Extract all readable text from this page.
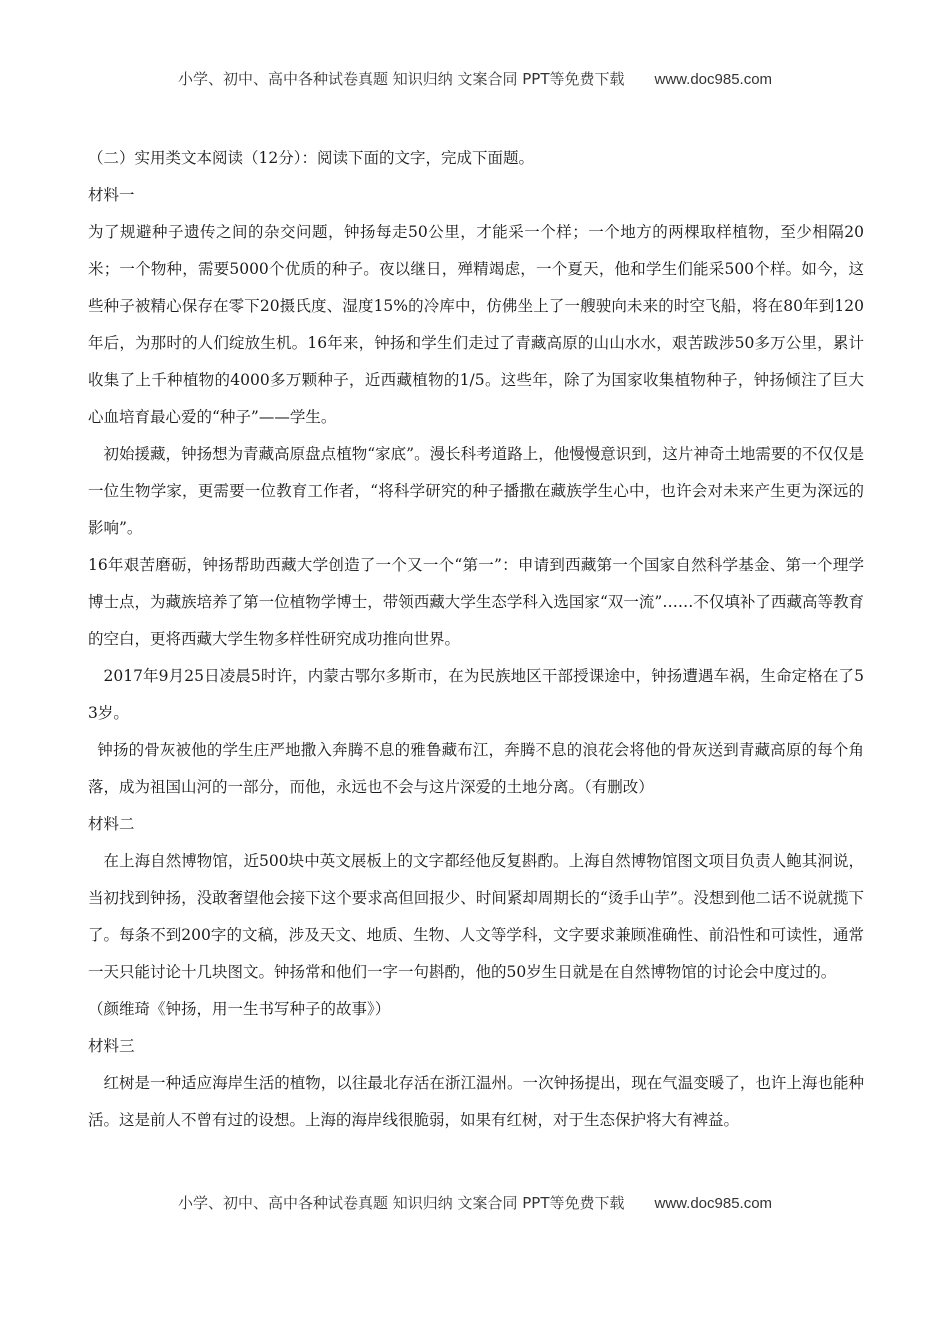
小学、初中、高中各种试卷真题 知识归纳 文案合同 PPT等免费下载 www.doc985.com

（二）实用类文本阅读（12分）：阅读下面的文字，完成下面题。

材料一

为了规避种子遗传之间的杂交问题，钟扬每走50公里，才能采一个样；一个地方的两棵取样植物，至少相隔20米；一个物种，需要5000个优质的种子。夜以继日，殚精竭虑，一个夏天，他和学生们能采500个样。如今，这些种子被精心保存在零下20摄氏度、湿度15%的冷库中，仿佛坐上了一艘驶向未来的时空飞船，将在80年到120年后，为那时的人们绽放生机。16年来，钟扬和学生们走过了青藏高原的山山水水，艰苦跋涉50多万公里，累计收集了上千种植物的4000多万颗种子，近西藏植物的1/5。这些年，除了为国家收集植物种子，钟扬倾注了巨大心血培育最心爱的“种子”——学生。

初始援藏，钟扬想为青藏高原盘点植物“家底”。漫长科考道路上，他慢慢意识到，这片神奇土地需要的不仅仅是一位生物学家，更需要一位教育工作者，“将科学研究的种子播撒在藏族学生心中，也许会对未来产生更为深远的影响”。

16年艰苦磨砺，钟扬帮助西藏大学创造了一个又一个“第一”：申请到西藏第一个国家自然科学基金、第一个理学博士点，为藏族培养了第一位植物学博士，带领西藏大学生态学科入选国家“双一流”……不仅填补了西藏高等教育的空白，更将西藏大学生物多样性研究成功推向世界。

2017年9月25日凌晨5时许，内蒙古鄂尔多斯市，在为民族地区干部授课途中，钟扬遭遇车祸，生命定格在了53岁。

钟扬的骨灰被他的学生庄严地撒入奔腾不息的雅鲁藏布江，奔腾不息的浪花会将他的骨灰送到青藏高原的每个角落，成为祖国山河的一部分，而他，永远也不会与这片深爱的土地分离。（有删改）

材料二

在上海自然博物馆，近500块中英文展板上的文字都经他反复斟酌。上海自然博物馆图文项目负责人鲍其泂说，当初找到钟扬，没敢奢望他会接下这个要求高但回报少、时间紧却周期长的“烫手山芋”。没想到他二话不说就揽下了。每条不到200字的文稿，涉及天文、地质、生物、人文等学科，文字要求兼顾准确性、前沿性和可读性，通常一天只能讨论十几块图文。钟扬常和他们一字一句斟酌，他的50岁生日就是在自然博物馆的讨论会中度过的。

（颜维琦《钟扬，用一生书写种子的故事》）

材料三

红树是一种适应海岸生活的植物，以往最北存活在浙江温州。一次钟扬提出，现在气温变暖了，也许上海也能种活。这是前人不曾有过的设想。上海的海岸线很脆弱，如果有红树，对于生态保护将大有裨益。

小学、初中、高中各种试卷真题 知识归纳 文案合同 PPT等免费下载 www.doc985.com
